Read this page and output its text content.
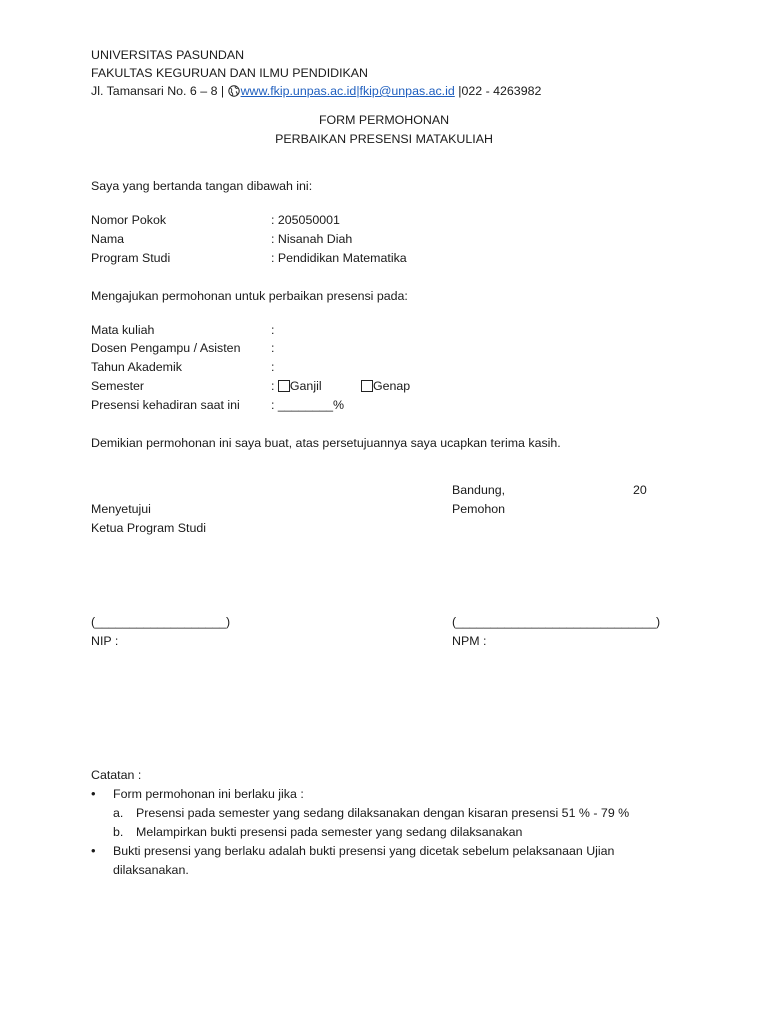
UNIVERSITAS PASUNDAN
FAKULTAS KEGURUAN DAN ILMU PENDIDIKAN
Jl. Tamansari No. 6 – 8 | www.fkip.unpas.ac.id|fkip@unpas.ac.id |022 - 4263982
FORM PERMOHONAN
PERBAIKAN PRESENSI MATAKULIAH
Saya yang bertanda tangan dibawah ini:
Nomor Pokok	: 205050001
Nama	: Nisanah Diah
Program Studi	: Pendidikan Matematika
Mengajukan permohonan untuk perbaikan presensi pada:
Mata kuliah	:
Dosen Pengampu / Asisten :
Tahun Akademik	:
Semester	: Ganjil	Genap
Presensi kehadiran saat ini	: ________%
Demikian permohonan ini saya buat, atas persetujuannya saya ucapkan terima kasih.
Bandung,	20
Menyetujui	Pemohon
Ketua Program Studi
(___________________)	(_____________________________)
NIP :	NPM :
Catatan :
• Form permohonan ini berlaku jika :
a. Presensi pada semester yang sedang dilaksanakan dengan kisaran presensi 51 % - 79 %
b. Melampirkan bukti presensi pada semester yang sedang dilaksanakan
• Bukti presensi yang berlaku adalah bukti presensi yang dicetak sebelum pelaksanaan Ujian
dilaksanakan.
